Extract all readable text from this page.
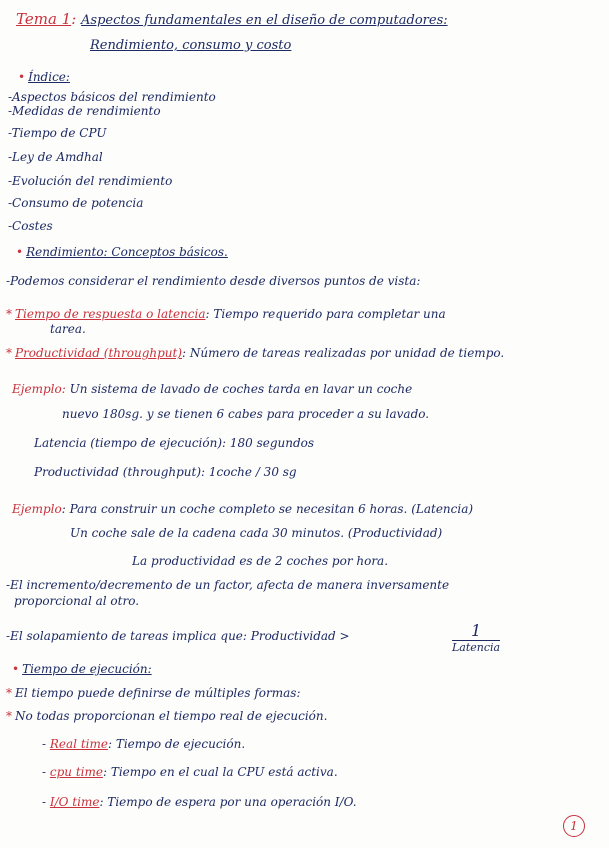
Tema 1: Aspectos fundamentales en el diseño de computadores:
Rendimiento, consumo y costo
• Índice:
-Aspectos básicos del rendimiento
-Medidas de rendimiento
-Tiempo de CPU
-Ley de Amdhal
-Evolución del rendimiento
-Consumo de potencia
-Costes
• Rendimiento: Conceptos básicos.
-Podemos considerar el rendimiento desde diversos puntos de vista:
* Tiempo de respuesta o latencia: Tiempo requerido para completar una
tarea.
* Productividad (throughput): Número de tareas realizadas por unidad de tiempo.
Ejemplo: Un sistema de lavado de coches tarda en lavar un coche
nuevo 180sg. y se tienen 6 cabes para proceder a su lavado.
Latencia (tiempo de ejecución): 180 segundos
Productividad (throughput): 1coche / 30 sg
Ejemplo: Para construir un coche completo se necesitan 6 horas. (Latencia)
Un coche sale de la cadena cada 30 minutos. (Productividad)
La productividad es de 2 coches por hora.
-El incremento/decremento de un factor, afecta de manera inversamente
proporcional al otro.
-El solapamiento de tareas implica que: Productividad >	1
Latencia
• Tiempo de ejecución:
* El tiempo puede definirse de múltiples formas:
* No todas proporcionan el tiempo real de ejecución.
- Real time: Tiempo de ejecución.
- cpu time: Tiempo en el cual la CPU está activa.
- I/O time: Tiempo de espera por una operación I/O.
1
